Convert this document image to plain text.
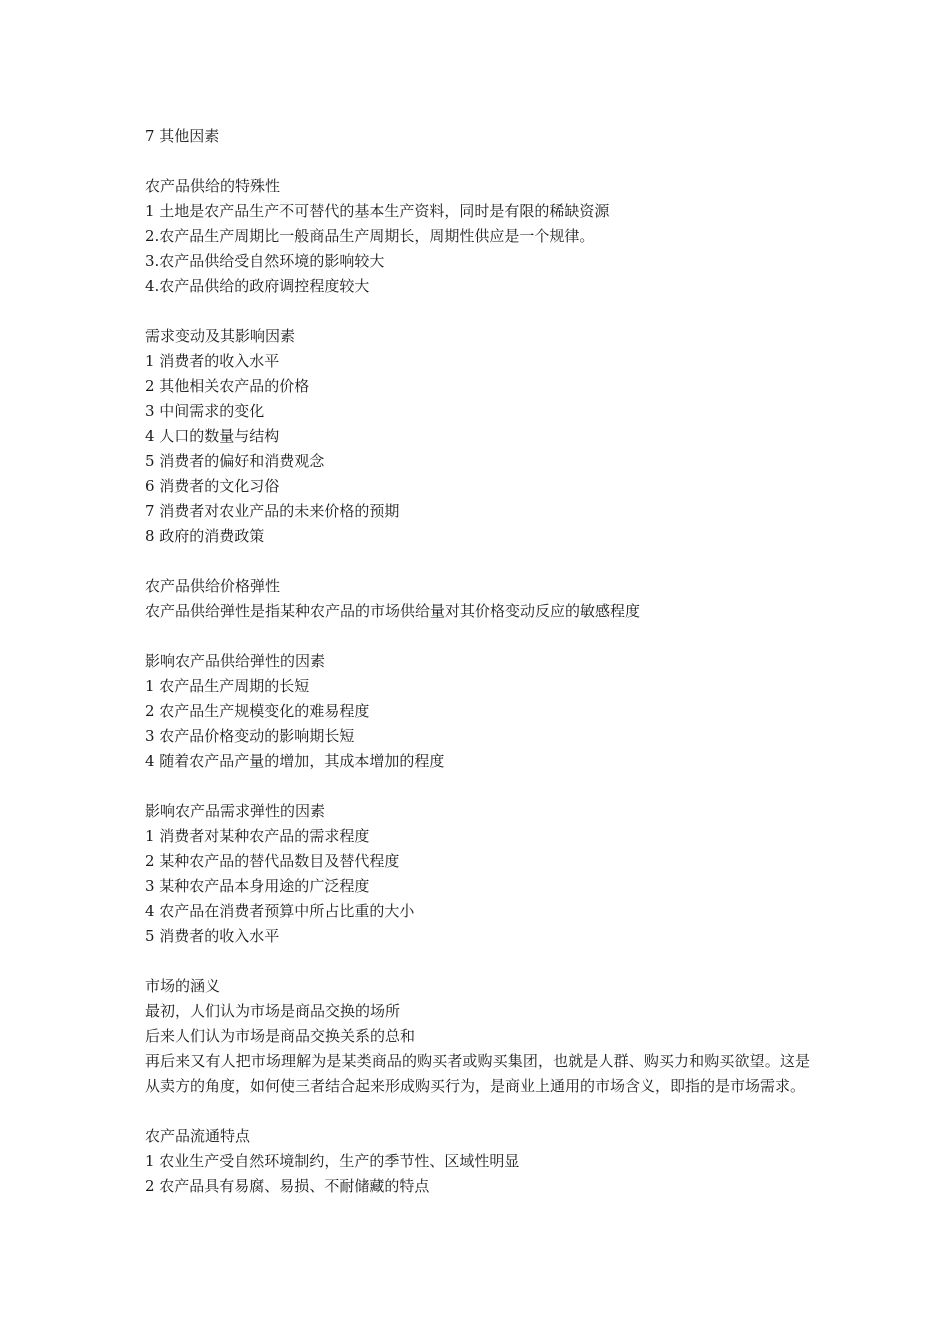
7 其他因素
农产品供给的特殊性
1 土地是农产品生产不可替代的基本生产资料，同时是有限的稀缺资源
2.农产品生产周期比一般商品生产周期长，周期性供应是一个规律。
3.农产品供给受自然环境的影响较大
4.农产品供给的政府调控程度较大
需求变动及其影响因素
1 消费者的收入水平
2 其他相关农产品的价格
3 中间需求的变化
4 人口的数量与结构
5 消费者的偏好和消费观念
6 消费者的文化习俗
7 消费者对农业产品的未来价格的预期
8 政府的消费政策
农产品供给价格弹性
农产品供给弹性是指某种农产品的市场供给量对其价格变动反应的敏感程度
影响农产品供给弹性的因素
1 农产品生产周期的长短
2 农产品生产规模变化的难易程度
3 农产品价格变动的影响期长短
4 随着农产品产量的增加，其成本增加的程度
影响农产品需求弹性的因素
1 消费者对某种农产品的需求程度
2 某种农产品的替代品数目及替代程度
3 某种农产品本身用途的广泛程度
4 农产品在消费者预算中所占比重的大小
5 消费者的收入水平
市场的涵义
最初，人们认为市场是商品交换的场所
后来人们认为市场是商品交换关系的总和
再后来又有人把市场理解为是某类商品的购买者或购买集团，也就是人群、购买力和购买欲望。这是从卖方的角度，如何使三者结合起来形成购买行为，是商业上通用的市场含义，即指的是市场需求。
农产品流通特点
1 农业生产受自然环境制约，生产的季节性、区域性明显
2 农产品具有易腐、易损、不耐储藏的特点
